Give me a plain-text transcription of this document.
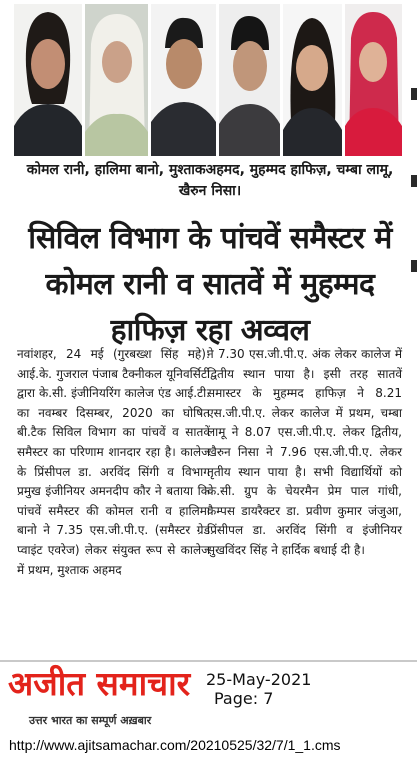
कोमल रानी, हालिमा बानो, मुश्ताकअहमद, मुहम्मद हाफिज़, चम्बा लामू, खैरुन निसा।
सिविल विभाग के पांचवें समैस्टर में कोमल रानी व सातवें में मुहम्मद हाफिज़ रहा अव्वल
नवांशहर, 24 मई (गुरबख्श सिंह महे): आई.के. गुजराल पंजाब टैक्नीकल यूनिवर्सिटी द्वारा के.सी. इंजीनियरिंग कालेज एंड आई.टी. का नवम्बर दिसम्बर, 2020 का घोषित बी.टैक सिविल विभाग का पांचवें व सातवें समैस्टर का परिणाम शानदार रहा है। कालेज के प्रिंसीपल डा. अरविंद सिंगी व विभाग प्रमुख इंजीनियर अमनदीप कौर ने बताया कि पांचवें समैस्टर की कोमल रानी व हालिमा बानो ने 7.35 एस.जी.पी.ए. (समैस्टर ग्रेड प्वाइंट एवरेज) लेकर संयुक्त रूप से कालेज में प्रथम, मुश्ताक अहमद
ने 7.30 एस.जी.पी.ए. अंक लेकर कालेज में द्वितीय स्थान पाया है। इसी तरह सातवें समास्टर के मुहम्मद हाफिज़ ने 8.21 एस.जी.पी.ए. लेकर कालेज में प्रथम, चम्बा लामू ने 8.07 एस.जी.पी.ए. लेकर द्वितीय, खैरुन निसा ने 7.96 एस.जी.पी.ए. लेकर तृतीय स्थान पाया है। सभी विद्यार्थियों को के.सी. ग्रुप के चेयरमैन प्रेम पाल गांधी, कैम्पस डायरैक्टर डा. प्रवीण कुमार जंजुआ, प्रिंसीपल डा. अरविंद सिंगी व इंजीनियर सुखविंदर सिंह ने हार्दिक बधाई दी है।
अजीत समाचार
उत्तर भारत का सम्पूर्ण अख़बार
25-May-2021
Page: 7
http://www.ajitsamachar.com/20210525/32/7/1_1.cms
